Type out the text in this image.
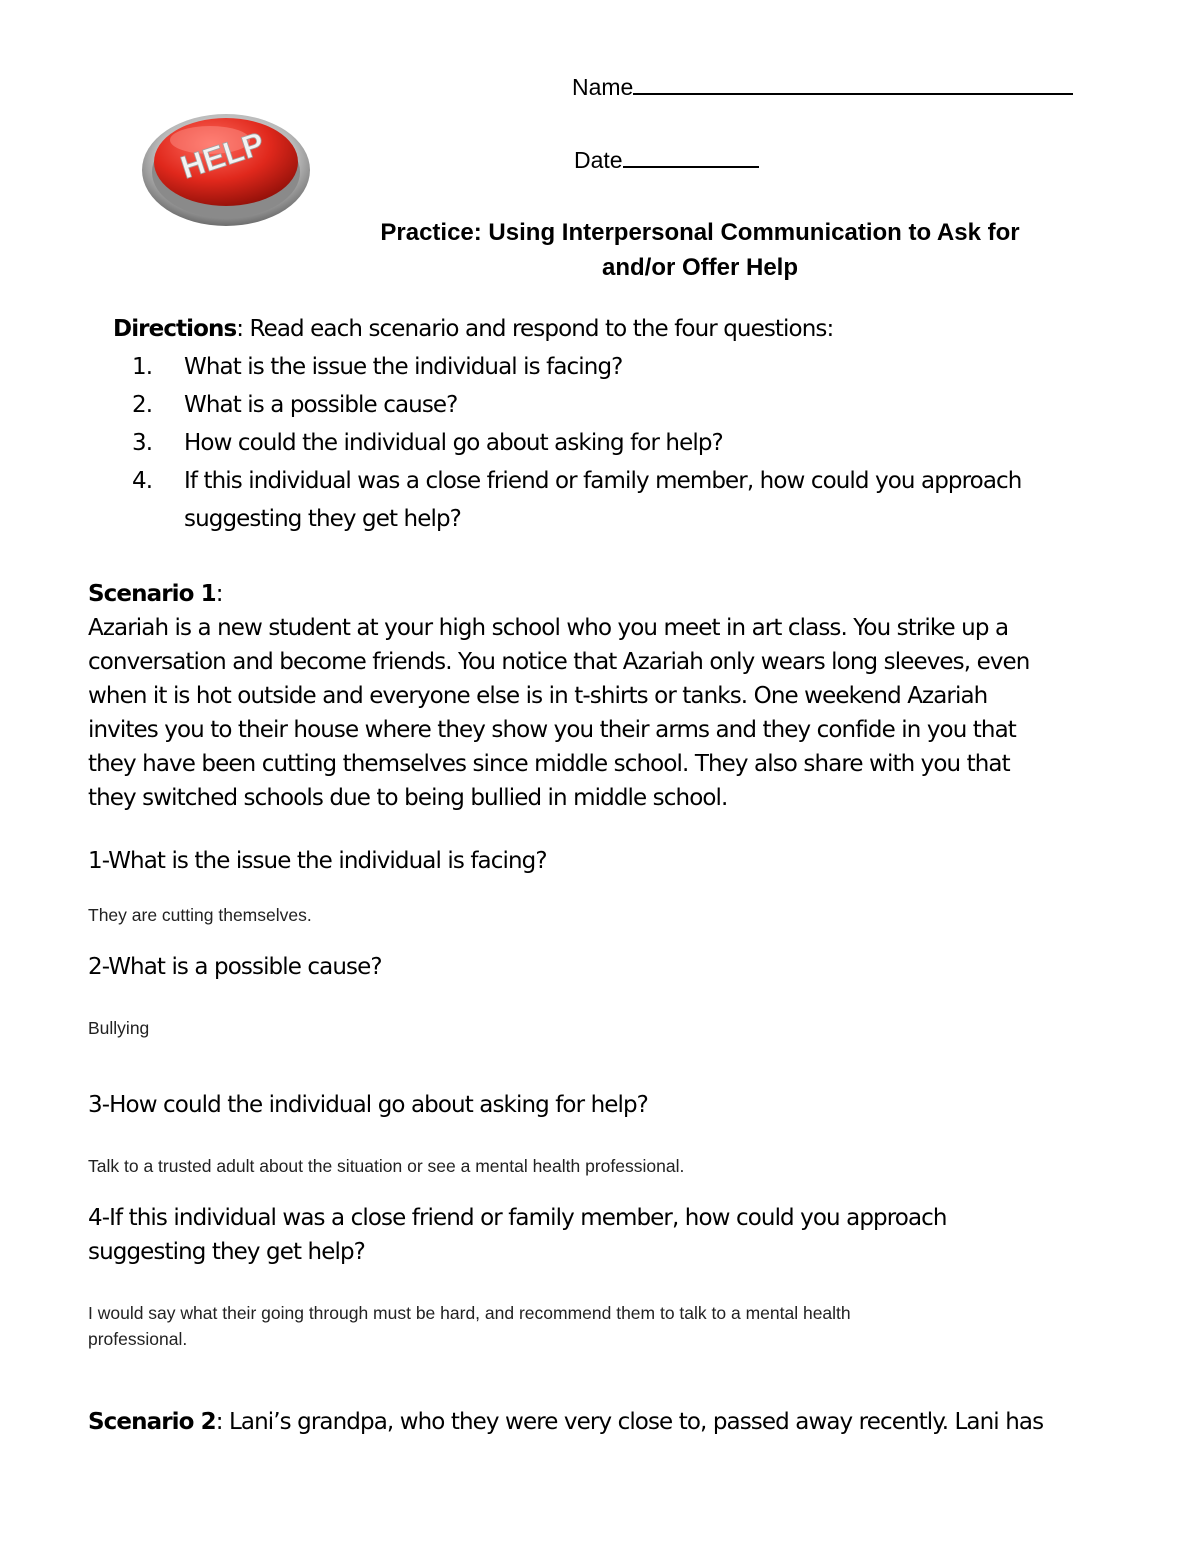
HELP
Name
Date
Practice: Using Interpersonal Communication to Ask for
and/or Offer Help
Directions: Read each scenario and respond to the four questions:
1. What is the issue the individual is facing?
2. What is a possible cause?
3. How could the individual go about asking for help?
4. If this individual was a close friend or family member, how could you approach
suggesting they get help?
Scenario 1:
Azariah is a new student at your high school who you meet in art class. You strike up a
conversation and become friends. You notice that Azariah only wears long sleeves, even
when it is hot outside and everyone else is in t-shirts or tanks. One weekend Azariah
invites you to their house where they show you their arms and they confide in you that
they have been cutting themselves since middle school. They also share with you that
they switched schools due to being bullied in middle school.
1-What is the issue the individual is facing?
They are cutting themselves.
2-What is a possible cause?
Bullying
3-How could the individual go about asking for help?
Talk to a trusted adult about the situation or see a mental health professional.
4-If this individual was a close friend or family member, how could you approach
suggesting they get help?
I would say what their going through must be hard, and recommend them to talk to a mental health
professional.
Scenario 2: Lani’s grandpa, who they were very close to, passed away recently. Lani has
